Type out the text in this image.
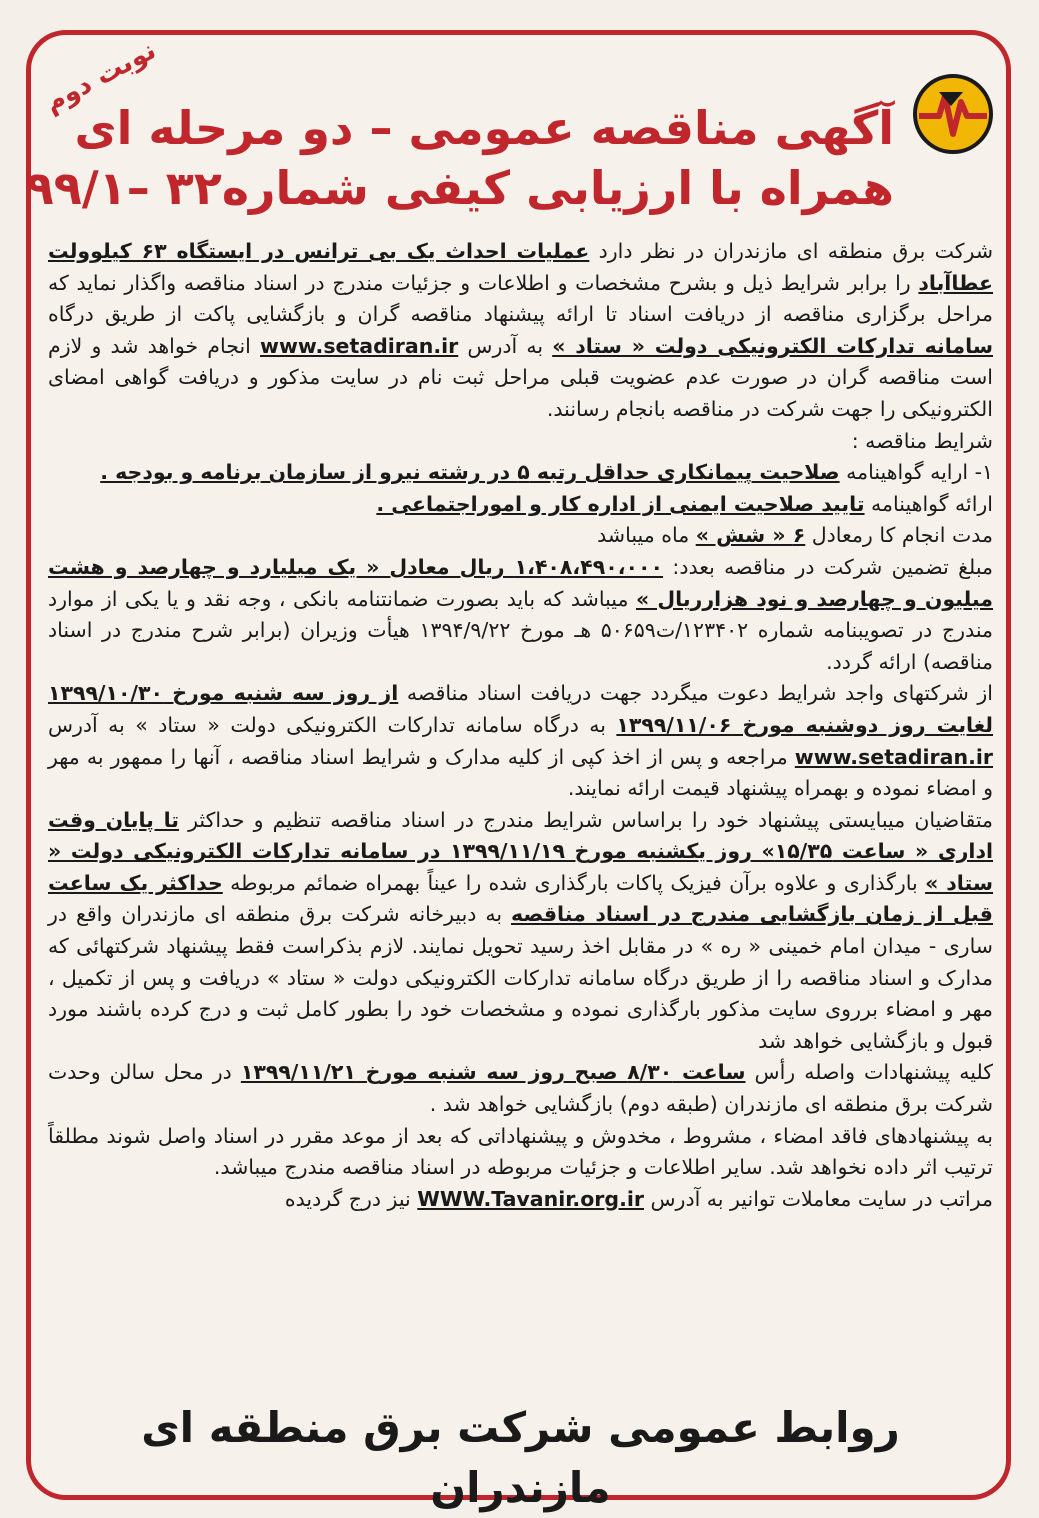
نوبت دوم
آگهی مناقصه عمومی – دو مرحله ای
همراه با ارزیابی کیفی شماره۳۲ –۹۹/۱

شرکت برق منطقه ای مازندران در نظر دارد عملیات احداث یک بی ترانس در ایستگاه ۶۳ کیلوولت عطاآباد را برابر شرایط ذیل و بشرح مشخصات و اطلاعات و جزئیات مندرج در اسناد مناقصه واگذار نماید که مراحل برگزاری مناقصه از دریافت اسناد تا ارائه پیشنهاد مناقصه گران و بازگشایی پاکت از طریق درگاه سامانه تدارکات الکترونیکی دولت « ستاد » به آدرس www.setadiran.ir انجام خواهد شد و لازم است مناقصه گران در صورت عدم عضویت قبلی مراحل ثبت نام در سایت مذکور و دریافت گواهی امضای الکترونیکی را جهت شرکت در مناقصه بانجام رسانند.

شرایط مناقصه :

۱- ارایه گواهینامه صلاحیت پیمانکاری حداقل رتبه ۵ در رشته نیرو از سازمان برنامه و بودجه .

ارائه گواهینامه تایید صلاحیت ایمنی از اداره کار و اموراجتماعی .

مدت انجام کا رمعادل ۶ « شش » ماه میباشد

مبلغ تضمین شرکت در مناقصه بعدد: ۱،۴۰۸،۴۹۰،۰۰۰ ریال معادل « یک میلیارد و چهارصد و هشت میلیون و چهارصد و نود هزارریال » میباشد که باید بصورت ضمانتنامه بانکی ، وجه نقد و یا یکی از موارد مندرج در تصویبنامه شماره ۱۲۳۴۰۲/ت۵۰۶۵۹ هـ مورخ ۱۳۹۴/۹/۲۲ هیأت وزیران (برابر شرح مندرج در اسناد مناقصه) ارائه گردد.

از شرکتهای واجد شرایط دعوت میگردد جهت دریافت اسناد مناقصه از روز سه شنبه مورخ ۱۳۹۹/۱۰/۳۰ لغایت روز دوشنبه مورخ ۱۳۹۹/۱۱/۰۶ به درگاه سامانه تدارکات الکترونیکی دولت « ستاد » به آدرس www.setadiran.ir مراجعه و پس از اخذ کپی از کلیه مدارک و شرایط اسناد مناقصه ، آنها را ممهور به مهر و امضاء نموده و بهمراه پیشنهاد قیمت ارائه نمایند.

متقاضیان میبایستی پیشنهاد خود را براساس شرایط مندرج در اسناد مناقصه تنظیم و حداکثر تا پایان وقت اداری « ساعت ۱۵/۳۵» روز یکشنبه مورخ ۱۳۹۹/۱۱/۱۹ در سامانه تدارکات الکترونیکی دولت « ستاد » بارگذاری و علاوه برآن فیزیک پاکات بارگذاری شده را عیناً بهمراه ضمائم مربوطه حداکثر یک ساعت قبل از زمان بازگشایی مندرج در اسناد مناقصه به دبیرخانه شرکت برق منطقه ای مازندران واقع در ساری - میدان امام خمینی « ره » در مقابل اخذ رسید تحویل نمایند. لازم بذکراست فقط پیشنهاد شرکتهائی که مدارک و اسناد مناقصه را از طریق درگاه سامانه تدارکات الکترونیکی دولت « ستاد » دریافت و پس از تکمیل ، مهر و امضاء برروی سایت مذکور بارگذاری نموده و مشخصات خود را بطور کامل ثبت و درج کرده باشند مورد قبول و بازگشایی خواهد شد

کلیه پیشنهادات واصله رأس ساعت ۸/۳۰ صبح روز سه شنبه مورخ ۱۳۹۹/۱۱/۲۱ در محل سالن وحدت شرکت برق منطقه ای مازندران (طبقه دوم) بازگشایی خواهد شد .

به پیشنهادهای فاقد امضاء ، مشروط ، مخدوش و پیشنهاداتی که بعد از موعد مقرر در اسناد واصل شوند مطلقاً ترتیب اثر داده نخواهد شد. سایر اطلاعات و جزئیات مربوطه در اسناد مناقصه مندرج میباشد.

مراتب در سایت معاملات توانیر به آدرس WWW.Tavanir.org.ir نیز درج گردیده

روابط عمومی شرکت برق منطقه ای مازندران
